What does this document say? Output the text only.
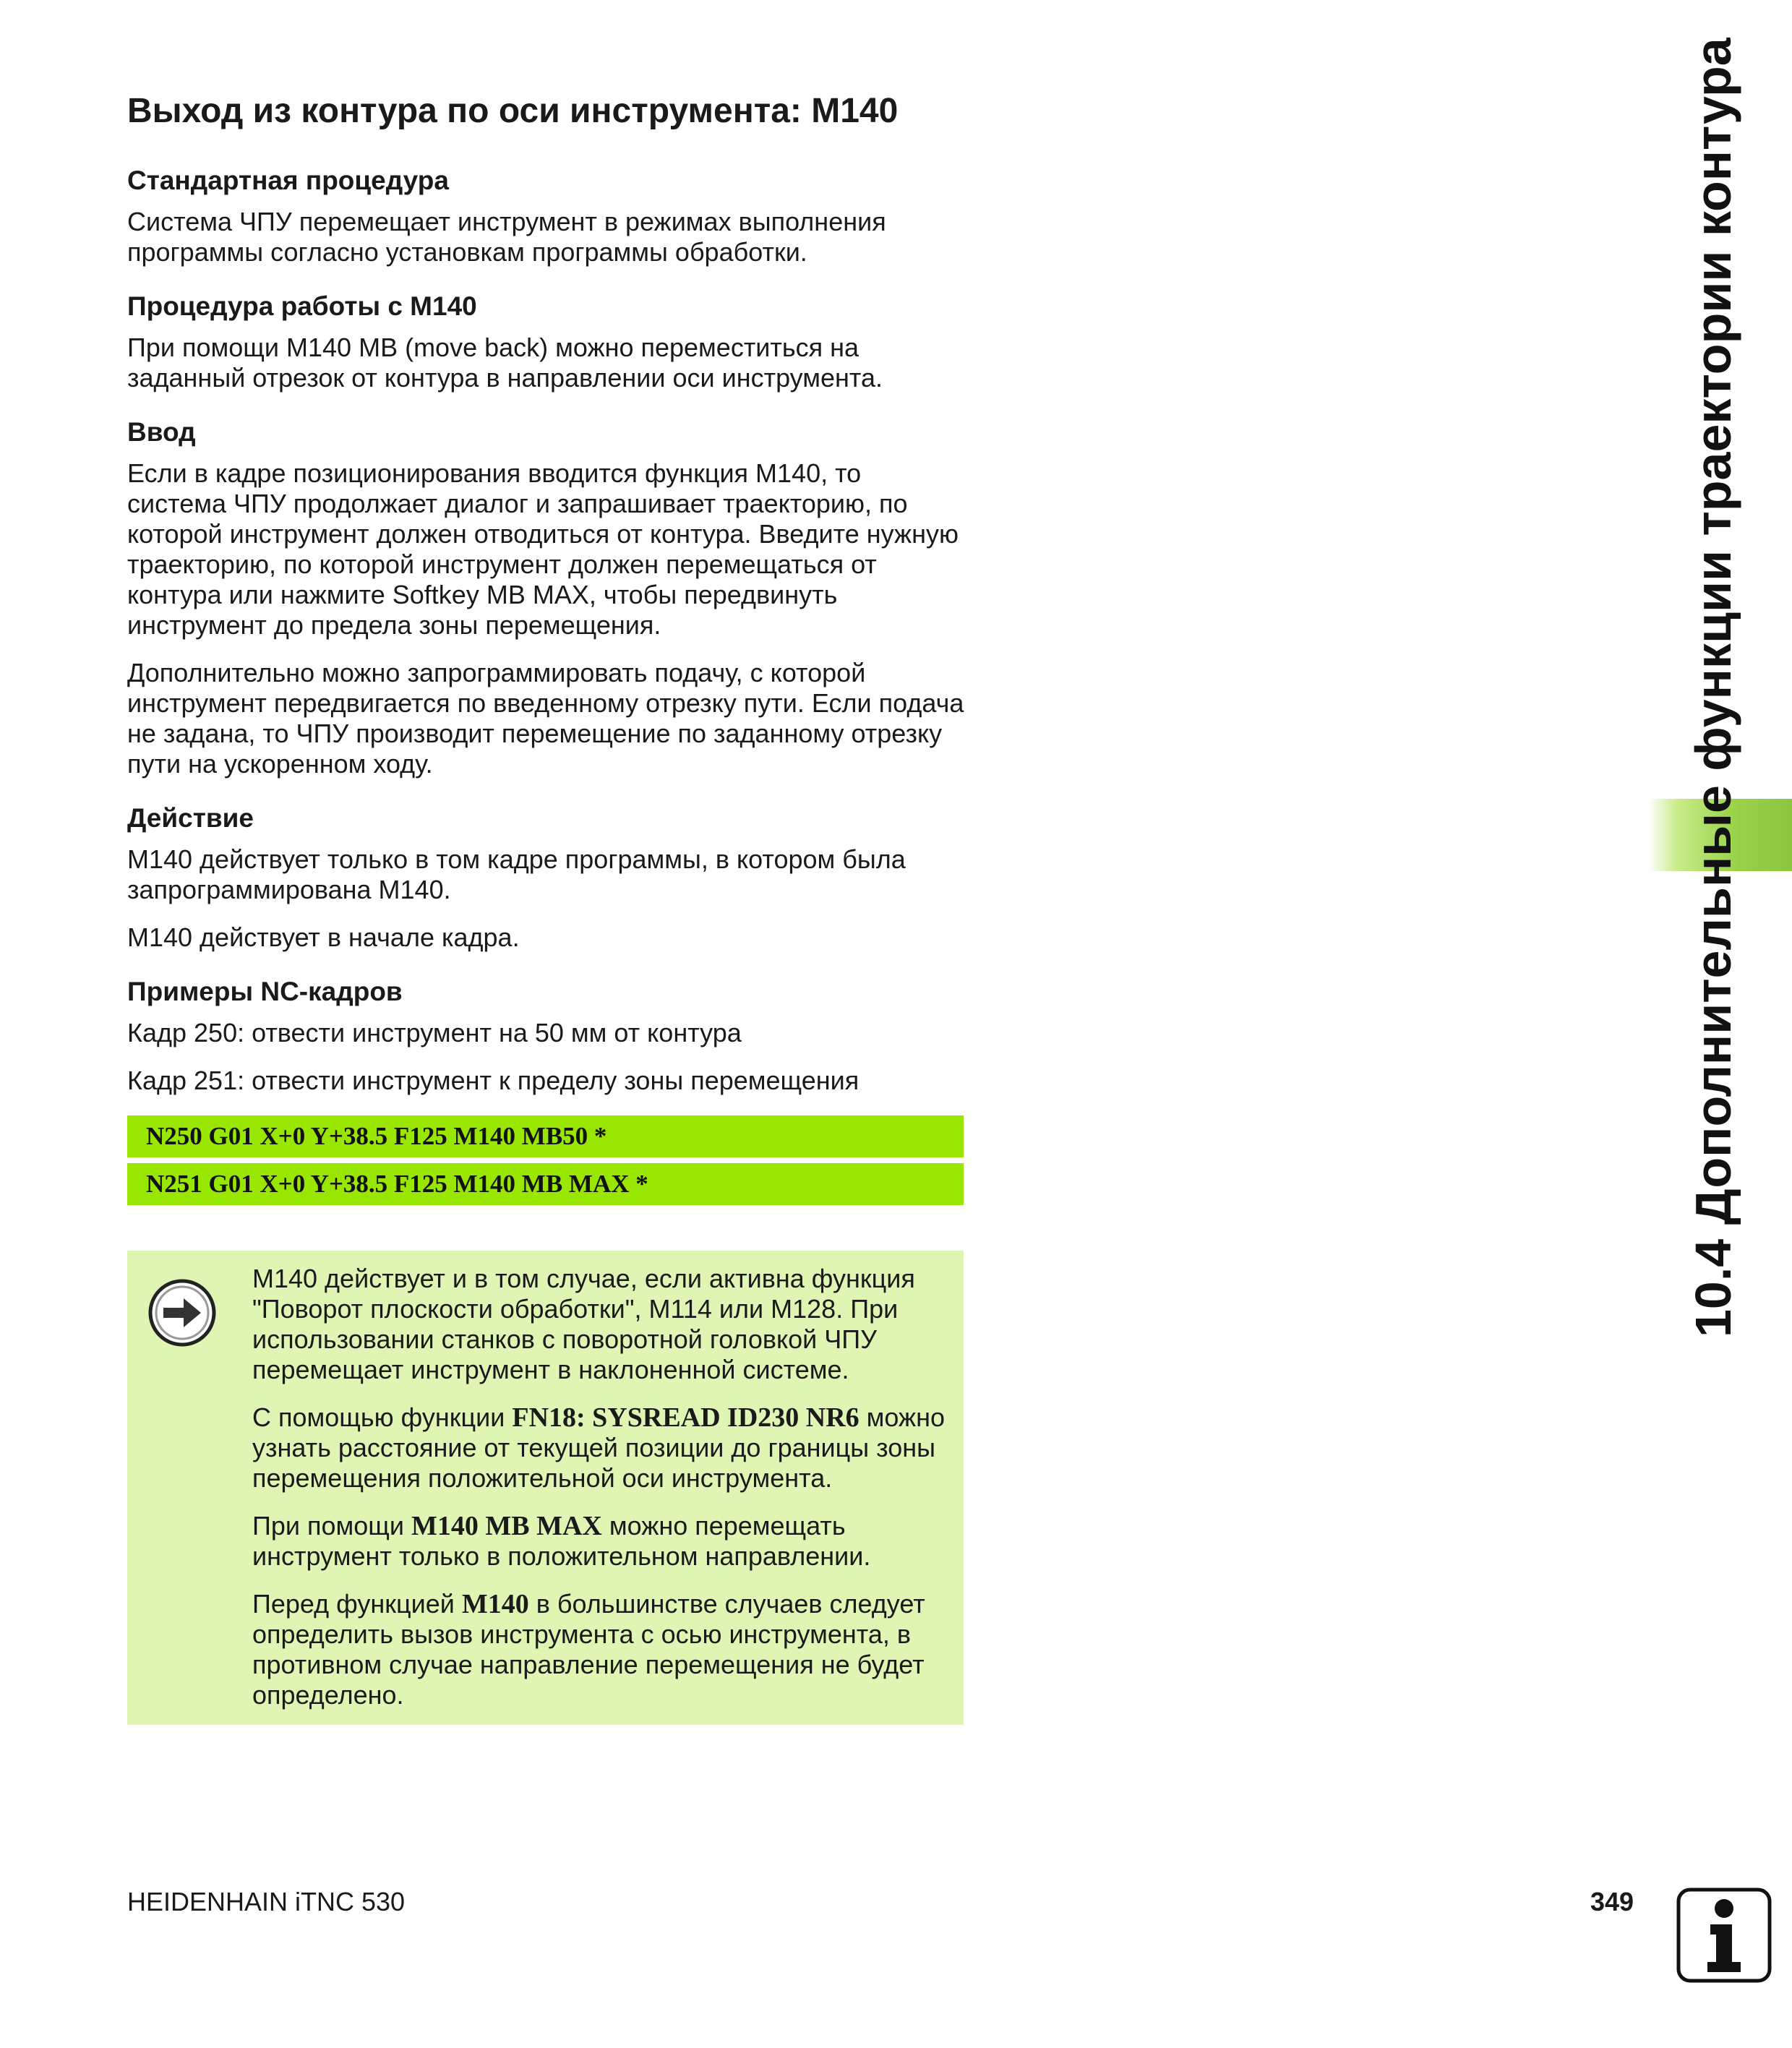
Выход из контура по оси инструмента: M140
Стандартная процедура

Система ЧПУ перемещает инструмент в режимах выполнения программы согласно установкам программы обработки.

Процедура работы с M140

При помощи M140 MB (move back) можно переместиться на заданный отрезок от контура в направлении оси инструмента.

Ввод

Если в кадре позиционирования вводится функция M140, то система ЧПУ продолжает диалог и запрашивает траекторию, по которой инструмент должен отводиться от контура. Введите нужную траекторию, по которой инструмент должен перемещаться от контура или нажмите Softkey MB MAX, чтобы передвинуть инструмент до предела зоны перемещения.

Дополнительно можно запрограммировать подачу, с которой инструмент передвигается по введенному отрезку пути. Если подача не задана, то ЧПУ производит перемещение по заданному отрезку пути на ускоренном ходу.

Действие

M140 действует только в том кадре программы, в котором была запрограммирована M140.

M140 действует в начале кадра.

Примеры NC-кадров

Кадр 250: отвести инструмент на 50 мм от контура

Кадр 251: отвести инструмент к пределу зоны перемещения

N250 G01 X+0 Y+38.5 F125 M140 MB50 *
N251 G01 X+0 Y+38.5 F125 M140 MB MAX *

M140 действует и в том случае, если активна функция "Поворот плоскости обработки", M114 или M128. При использовании станков с поворотной головкой ЧПУ перемещает инструмент в наклоненной системе.

С помощью функции FN18: SYSREAD ID230 NR6 можно узнать расстояние от текущей позиции до границы зоны перемещения положительной оси инструмента.

При помощи M140 MB MAX можно перемещать инструмент только в положительном направлении.

Перед функцией M140 в большинстве случаев следует определить вызов инструмента с осью инструмента, в противном случае направление перемещения не будет определено.

10.4 Дополнительные функции траектории контура
HEIDENHAIN iTNC 530	349
